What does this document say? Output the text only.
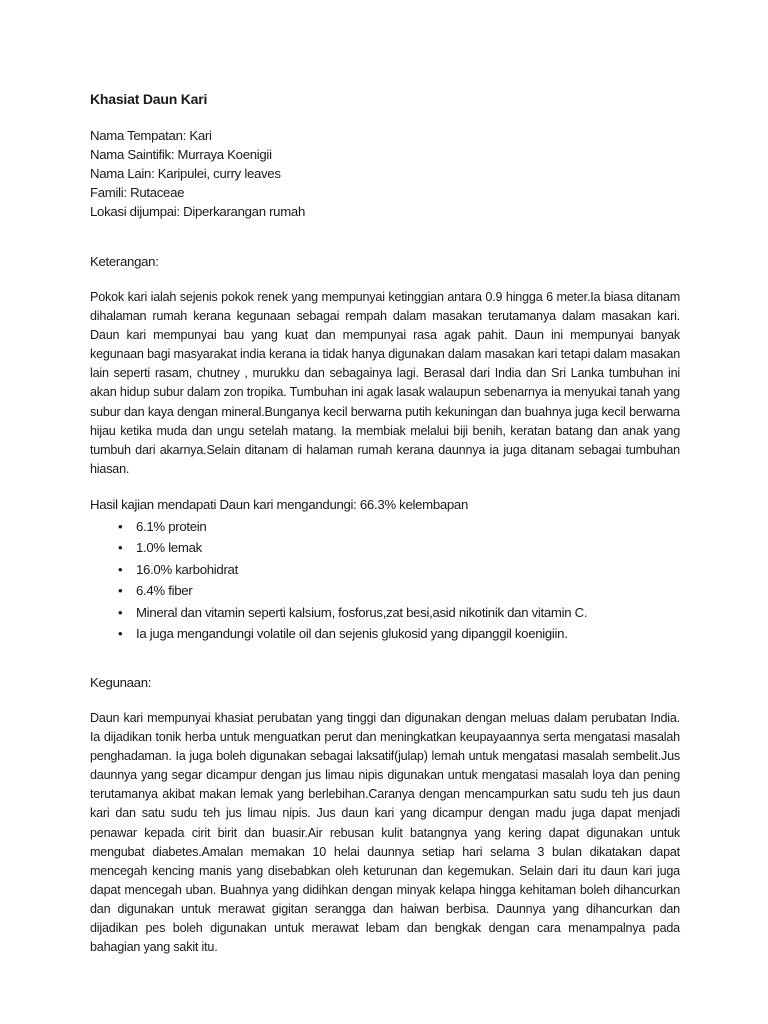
Khasiat Daun Kari
Nama Tempatan: Kari
Nama Saintifik: Murraya Koenigii
Nama Lain: Karipulei, curry leaves
Famili: Rutaceae
Lokasi dijumpai: Diperkarangan rumah
Keterangan:

Pokok kari ialah sejenis pokok renek yang mempunyai ketinggian antara 0.9 hingga 6 meter.Ia biasa ditanam dihalaman rumah kerana kegunaan sebagai rempah dalam masakan terutamanya dalam masakan kari. Daun kari mempunyai bau yang kuat dan mempunyai rasa agak pahit. Daun ini mempunyai banyak kegunaan bagi masyarakat india kerana ia tidak hanya digunakan dalam masakan kari tetapi dalam masakan lain seperti rasam, chutney , murukku dan sebagainya lagi. Berasal dari India dan Sri Lanka tumbuhan ini akan hidup subur dalam zon tropika. Tumbuhan ini agak lasak walaupun sebenarnya ia menyukai tanah yang subur dan kaya dengan mineral.Bunganya kecil berwarna putih kekuningan dan buahnya juga kecil berwarna hijau ketika muda dan ungu setelah matang. Ia membiak melalui biji benih, keratan batang dan anak yang tumbuh dari akarnya.Selain ditanam di halaman rumah kerana daunnya ia juga ditanam sebagai tumbuhan hiasan.

Hasil kajian mendapati Daun kari mengandungi: 66.3% kelembapan
• 6.1% protein
• 1.0% lemak
• 16.0% karbohidrat
• 6.4% fiber
• Mineral dan vitamin seperti kalsium, fosforus,zat besi,asid nikotinik dan vitamin C.
• Ia juga mengandungi volatile oil dan sejenis glukosid yang dipanggil koenigiin.
Kegunaan:

Daun kari mempunyai khasiat perubatan yang tinggi dan digunakan dengan meluas dalam perubatan India. Ia dijadikan tonik herba untuk menguatkan perut dan meningkatkan keupayaannya serta mengatasi masalah penghadaman. Ia juga boleh digunakan sebagai laksatif(julap) lemah untuk mengatasi masalah sembelit.Jus daunnya yang segar dicampur dengan jus limau nipis digunakan untuk mengatasi masalah loya dan pening terutamanya akibat makan lemak yang berlebihan.Caranya dengan mencampurkan satu sudu teh jus daun kari dan satu sudu teh jus limau nipis. Jus daun kari yang dicampur dengan madu juga dapat menjadi penawar kepada cirit birit dan buasir.Air rebusan kulit batangnya yang kering dapat digunakan untuk mengubat diabetes.Amalan memakan 10 helai daunnya setiap hari selama 3 bulan dikatakan dapat mencegah kencing manis yang disebabkan oleh keturunan dan kegemukan. Selain dari itu daun kari juga dapat mencegah uban. Buahnya yang didihkan dengan minyak kelapa hingga kehitaman boleh dihancurkan dan digunakan untuk merawat gigitan serangga dan haiwan berbisa. Daunnya yang dihancurkan dan dijadikan pes boleh digunakan untuk merawat lebam dan bengkak dengan cara menampalnya pada bahagian yang sakit itu.
